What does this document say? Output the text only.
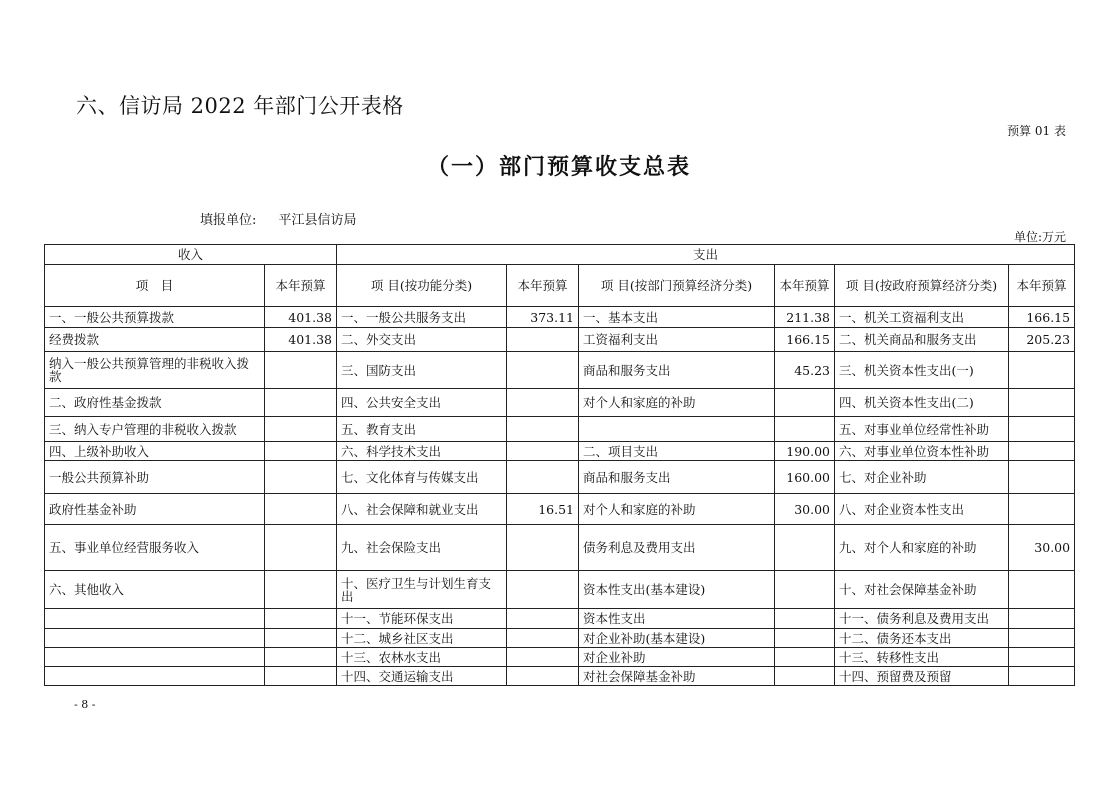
六、信访局 2022 年部门公开表格
预算 01 表
（一）部门预算收支总表
填报单位: 平江县信访局
单位:万元
收入		支出					
项　目	本年预算	项 目(按功能分类)	本年预算	项 目(按部门预算经济分类)	本年预算	项 目(按政府预算经济分类)	本年预算
一、一般公共预算拨款	401.38	一、一般公共服务支出	373.11	一、基本支出	211.38	一、机关工资福利支出	166.15
经费拨款	401.38	二、外交支出		工资福利支出	166.15	二、机关商品和服务支出	205.23
纳入一般公共预算管理的非税收入拨款		三、国防支出		商品和服务支出	45.23	三、机关资本性支出(一)	
二、政府性基金拨款		四、公共安全支出		对个人和家庭的补助		四、机关资本性支出(二)	
三、纳入专户管理的非税收入拨款		五、教育支出				五、对事业单位经常性补助	
四、上级补助收入		六、科学技术支出		二、项目支出	190.00	六、对事业单位资本性补助	
一般公共预算补助		七、文化体育与传媒支出		商品和服务支出	160.00	七、对企业补助	
政府性基金补助		八、社会保障和就业支出	16.51	对个人和家庭的补助	30.00	八、对企业资本性支出	
五、事业单位经营服务收入		九、社会保险支出		债务利息及费用支出		九、对个人和家庭的补助	30.00
六、其他收入		十、医疗卫生与计划生育支出		资本性支出(基本建设)		十、对社会保障基金补助	
		十一、节能环保支出		资本性支出		十一、债务利息及费用支出	
		十二、城乡社区支出		对企业补助(基本建设)		十二、债务还本支出	
		十三、农林水支出		对企业补助		十三、转移性支出	
		十四、交通运输支出		对社会保障基金补助		十四、预留费及预留	
- 8 -
